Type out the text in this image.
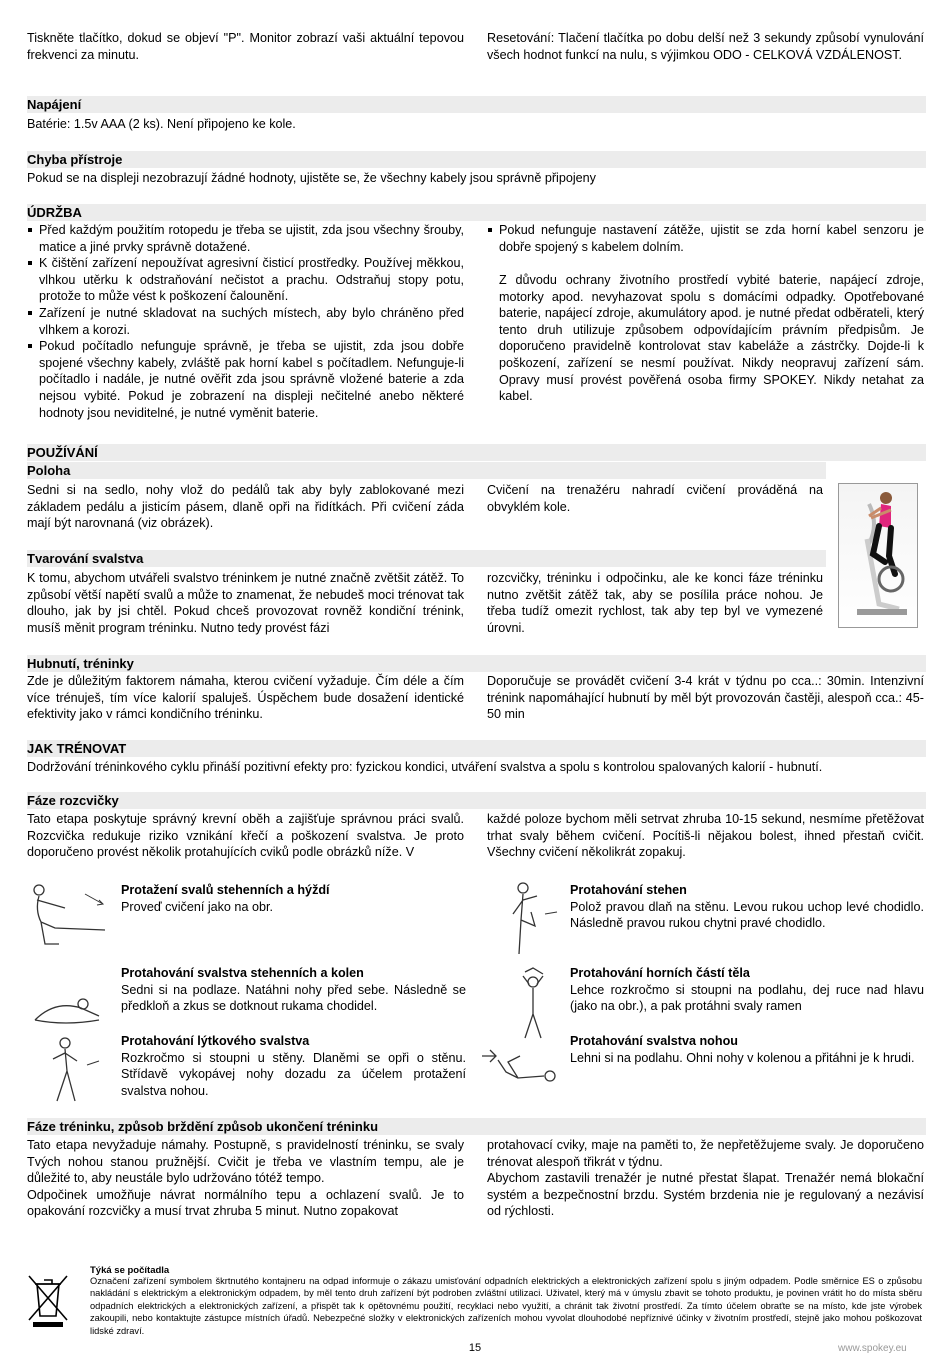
Tiskněte tlačítko, dokud se objeví "P". Monitor zobrazí vaši aktuální tepovou frekvenci za minutu.
Resetování: Tlačení tlačítka po dobu delší než 3 sekundy způsobí vynulování všech hodnot funkcí na nulu, s výjimkou ODO - CELKOVÁ VZDÁLENOST.
Napájení
Batérie: 1.5v AAA (2 ks). Není připojeno ke kole.
Chyba přístroje
Pokud se na displeji nezobrazují žádné hodnoty, ujistěte se, že všechny kabely jsou správně připojeny
ÚDRŽBA
Před každým použitím rotopedu je třeba se ujistit, zda jsou všechny šrouby, matice a jiné prvky správně dotažené.
K čištění zařízení nepoužívat agresivní čisticí prostředky. Používej měkkou, vlhkou utěrku k odstraňování nečistot a prachu. Odstraňuj stopy potu, protože to může vést k poškození čalounění.
Zařízení je nutné skladovat na suchých místech, aby bylo chráněno před vlhkem a korozi.
Pokud počítadlo nefunguje správně, je třeba se ujistit, zda jsou dobře spojené všechny kabely, zvláště pak horní kabel s počítadlem. Nefunguje-li počítadlo i nadále, je nutné ověřit zda jsou správně vložené baterie a zda nejsou vybité. Pokud je zobrazení na displeji nečitelné anebo některé hodnoty jsou neviditelné, je nutné vyměnit baterie.
Pokud nefunguje nastavení zátěže, ujistit se zda horní kabel senzoru je dobře spojený s kabelem dolním.
Z důvodu ochrany životního prostředí vybité baterie, napájecí zdroje, motorky apod. nevyhazovat spolu s domácími odpadky. Opotřebované baterie, napájecí zdroje, akumulátory apod. je nutné předat odběrateli, který tento druh utilizuje způsobem odpovídajícím právním předpisům. Je doporučeno pravidelně kontrolovat stav kabeláže a zástrčky. Dojde-li k poškození, zařízení se nesmí používat. Nikdy neopravuj zařízení sám. Opravy musí provést pověřená osoba firmy SPOKEY. Nikdy netahat za kabel.
POUŽÍVÁNÍ
Poloha
Sedni si na sedlo, nohy vlož do pedálů tak aby byly zablokované mezi základem pedálu a jisticím pásem, dlaně opři na řidítkách. Při cvičení záda mají být narovnaná (viz obrázek).
Cvičení na trenažéru nahradí cvičení prováděná na obvyklém kole.
Tvarování svalstva
K tomu, abychom utvářeli svalstvo tréninkem je nutné značně zvětšit zátěž. To způsobí větší napětí svalů a může to znamenat, že nebudeš moci trénovat tak dlouho, jak by jsi chtěl. Pokud chceš provozovat rovněž kondiční trénink, musíš měnit program tréninku. Nutno tedy provést fázi
rozcvičky, tréninku i odpočinku, ale ke konci fáze tréninku nutno zvětšit zátěž tak, aby se posílila práce nohou. Je třeba tudíž omezit rychlost, tak aby tep byl ve vymezené úrovni.
Hubnutí, tréninky
Zde je důležitým faktorem námaha, kterou cvičení vyžaduje. Čím déle a čím více trénuješ, tím více kalorií spaluješ. Úspěchem bude dosažení identické efektivity jako v rámci kondičního tréninku.
Doporučuje se provádět cvičení 3-4 krát v týdnu po cca..: 30min. Intenzivní trénink napomáhající hubnutí by měl být provozován častěji, alespoň cca.: 45-50 min
JAK TRÉNOVAT
Dodržování tréninkového cyklu přináší pozitivní efekty pro: fyzickou kondici, utváření svalstva a spolu s kontrolou spalovaných kalorií - hubnutí.
Fáze rozcvičky
Tato etapa poskytuje správný krevní oběh a zajišťuje správnou práci svalů. Rozcvička redukuje riziko vznikání křečí a poškození svalstva. Je proto doporučeno provést několik protahujících cviků podle obrázků níže. V
každé poloze bychom měli setrvat zhruba 10-15 sekund, nesmíme přetěžovat trhat svaly během cvičení. Pocítiš-li nějakou bolest, ihned přestaň cvičit. Všechny cvičení několikrát zopakuj.
Protažení svalů stehenních a hýždí
Proveď cvičení jako na obr.
Protahování stehen
Polož pravou dlaň na stěnu. Levou rukou uchop levé chodidlo. Následně pravou rukou chytni pravé chodidlo.
Protahování svalstva stehenních a kolen
Sedni si na podlaze. Natáhni nohy před sebe. Následně se předkloň a zkus se dotknout rukama chodidel.
Protahování horních částí těla
Lehce rozkročmo si stoupni na podlahu, dej ruce nad hlavu (jako na obr.), a pak protáhni svaly ramen
Protahování lýtkového svalstva
Rozkročmo si stoupni u stěny. Dlaněmi se opři o stěnu. Střídavě vykopávej nohy dozadu za účelem protažení svalstva nohou.
Protahování svalstva nohou
Lehni si na podlahu. Ohni nohy v kolenou a přitáhni je k hrudi.
Fáze tréninku, způsob brždění způsob ukončení tréninku
Tato etapa nevyžaduje námahy. Postupně, s pravidelností tréninku, se svaly Tvých nohou stanou pružnější. Cvičit je třeba ve vlastním tempu, ale je důležité to, aby neustále bylo udržováno tótéž tempo.
Odpočinek umožňuje návrat normálního tepu a ochlazení svalů. Je to opakování rozcvičky a musí trvat zhruba 5 minut. Nutno zopakovat
protahovací cviky, maje na paměti to, že nepřetěžujeme svaly. Je doporučeno trénovat alespoň třikrát v týdnu.
Abychom zastavili trenažér je nutné přestat šlapat. Trenažér nemá blokační systém a bezpečnostní brzdu. Systém brzdenia nie je regulovaný a nezávisí od rýchlosti.
Týká se počítadla
Označení zařízení symbolem škrtnutého kontajneru na odpad informuje o zákazu umisťování odpadních elektrických a elektronických zařízení spolu s jiným odpadem. Podle směrnice ES o způsobu nakládání s elektrickým a elektronickým odpadem, by měl tento druh zařízení být podroben zvláštní utilizaci. Uživatel, který má v úmyslu zbavit se tohoto produktu, je povinen vrátit ho do místa sběru odpadních elektrických a elektronických zařízení, a přispět tak k opětovnému použití, recyklaci nebo využití, a chránit tak životní prostředí. Za tímto účelem obraťte se na místo, kde jste výrobek zakoupili, nebo kontaktujte zástupce místních úřadů. Nebezpečné složky v elektronických zařízeních mohou vyvolat dlouhodobé nepříznivé účinky v životním prostředí, stejně jako mohou poškozovat lidské zdraví.
15	www.spokey.eu
